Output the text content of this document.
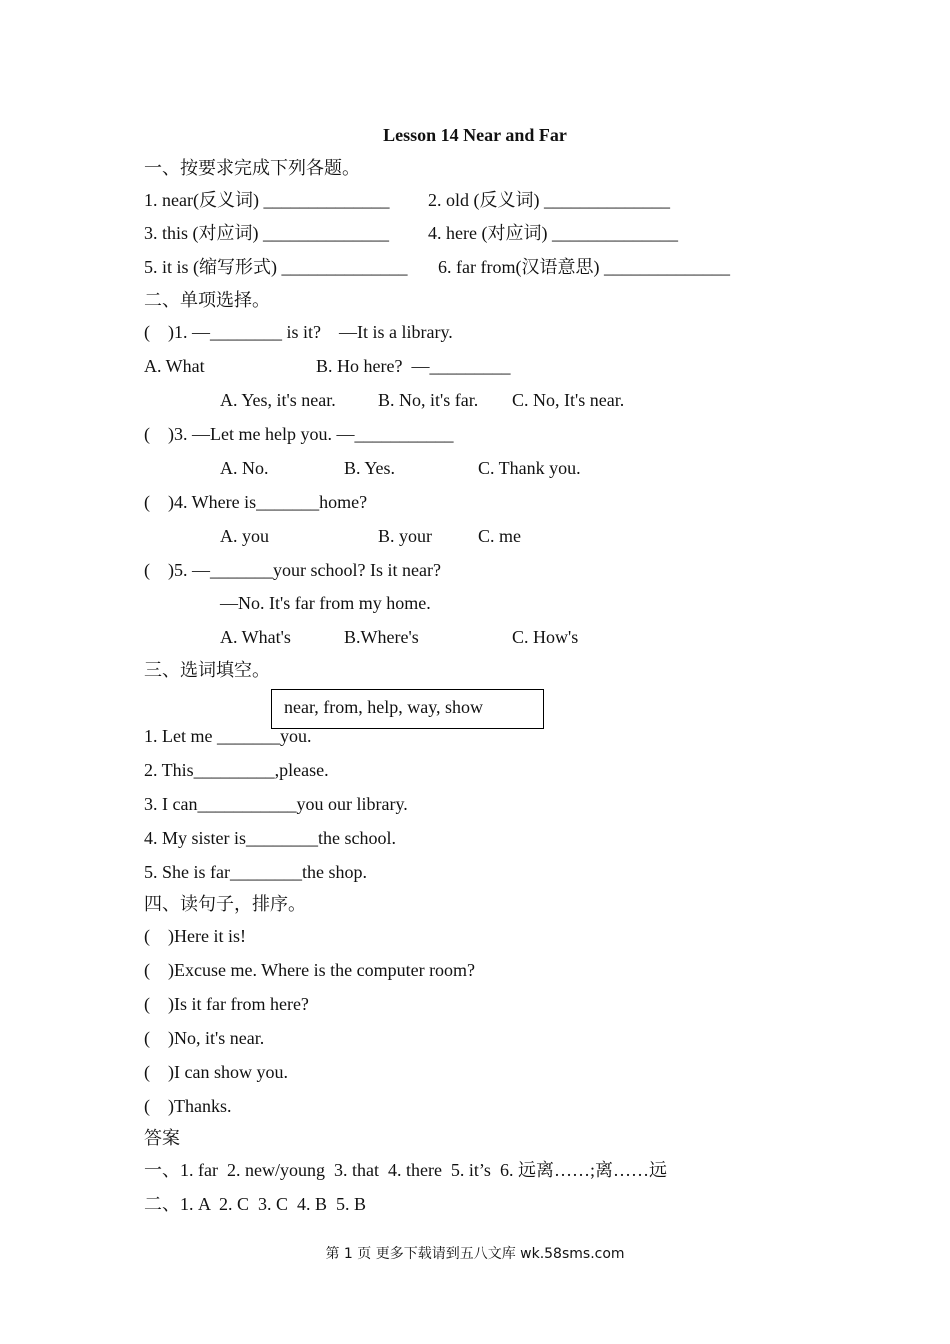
Lesson 14 Near and Far
一、按要求完成下列各题。
1. near(反义词) ______________ 2. old (反义词) ______________
3. this (对应词) ______________ 4. here (对应词) ______________
5. it is (缩写形式) ______________ 6. far from(汉语意思) ______________
二、单项选择。
(    )1. —________ is it?    —It is a library.
A. What	B. Ho here?  —_________
A. Yes, it's near. B. No, it's far. C. No, It's near.
(    )3. —Let me help you. —___________
A. No.	B. Yes.	C. Thank you.
(    )4. Where is_______home?
A. you	B. your	C. me
(    )5. —_______your school? Is it near?
—No. It's far from my home.
A. What's	B.Where's	C. How's
三、选词填空。
near, from, help, way, show
1. Let me _______you.
2. This_________,please.
3. I can___________you our library.
4. My sister is________the school.
5. She is far________the shop.
四、读句子，排序。
(    )Here it is!
(    )Excuse me. Where is the computer room?
(    )Is it far from here?
(    )No, it's near.
(    )I can show you.
(    )Thanks.
答案
一、1. far  2. new/young  3. that  4. there  5. it’s  6. 远离……;离……远
二、1. A  2. C  3. C  4. B  5. B
第 1 页 更多下载请到五八文库 wk.58sms.com
